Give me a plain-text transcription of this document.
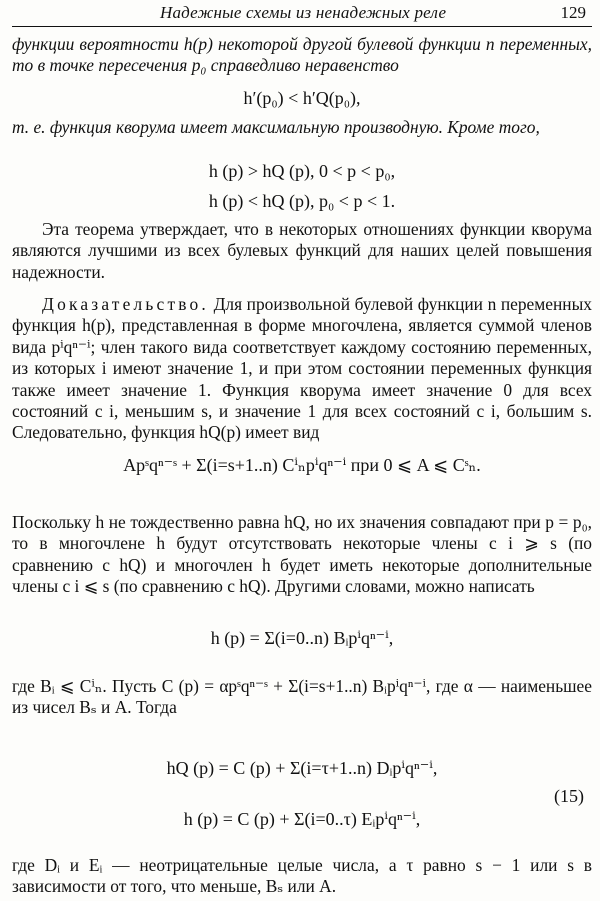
Надежные схемы из ненадежных реле	129
функции вероятности h(p) некоторой другой булевой функции n переменных, то в точке пересечения p₀ справедливо неравенство
h′(p₀) < h′Q(p₀),
т. е. функция кворума имеет максимальную производную. Кроме того,
h (p) > hQ (p), 0 < p < p₀,
h (p) < hQ (p), p₀ < p < 1.
Эта теорема утверждает, что в некоторых отношениях функции кворума являются лучшими из всех булевых функций для наших целей повышения надежности.
Доказательство. Для произвольной булевой функции n переменных функция h(p), представленная в форме многочлена, является суммой членов вида pⁱqⁿ⁻ⁱ; член такого вида соответствует каждому состоянию переменных, из которых i имеют значение 1, и при этом состоянии переменных функция также имеет значение 1. Функция кворума имеет значение 0 для всех состояний с i, меньшим s, и значение 1 для всех состояний с i, большим s. Следовательно, функция hQ(p) имеет вид
Apˢqⁿ⁻ˢ + Σ(i=s+1..n) Cⁱₙpⁱqⁿ⁻ⁱ при 0 ⩽ A ⩽ Cˢₙ.
Поскольку h не тождественно равна hQ, но их значения совпадают при p = p₀, то в многочлене h будут отсутствовать некоторые члены с i ⩾ s (по сравнению с hQ) и многочлен h будет иметь некоторые дополнительные члены с i ⩽ s (по сравнению с hQ). Другими словами, можно написать
h (p) = Σ(i=0..n) Bᵢpⁱqⁿ⁻ⁱ,
где Bᵢ ⩽ Cⁱₙ. Пусть C (p) = αpˢqⁿ⁻ˢ + Σ(i=s+1..n) Bᵢpⁱqⁿ⁻ⁱ, где α — наименьшее из чисел Bₛ и A. Тогда
hQ (p) = C (p) + Σ(i=τ+1..n) Dᵢpⁱqⁿ⁻ⁱ,
h (p) = C (p) + Σ(i=0..τ) Eᵢpⁱqⁿ⁻ⁱ,
(15)
где Dᵢ и Eᵢ — неотрицательные целые числа, а τ равно s − 1 или s в зависимости от того, что меньше, Bₛ или A.
